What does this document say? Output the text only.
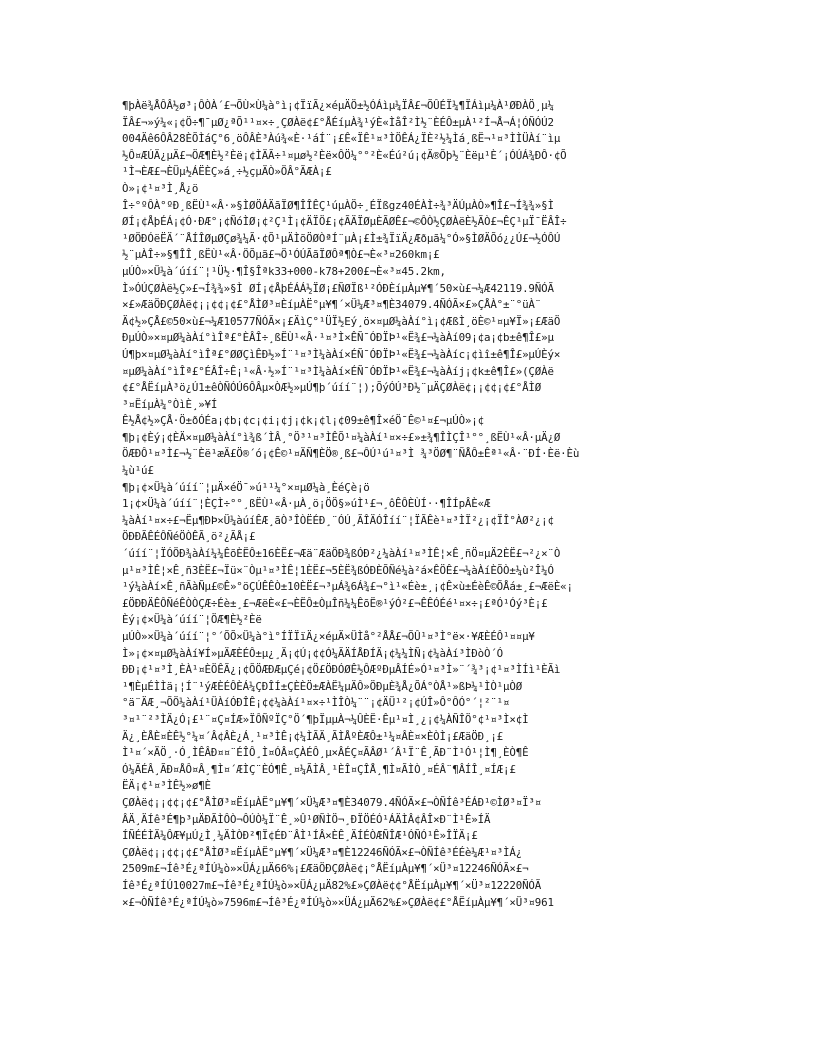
¶þÀë¾ÅÔÂ½ø³¡ÔÒÀ´£¬ÕÙ×Ù¼à°ì¡¢ÏïÃ¿×éµÄÖ±½ÓÁìµ¼ÏÂ£¬ÕÛÉÏ¼¶ÏÁìµ¼À¹ØÐÀÖ¸µ¼
ÏÂ£¬»ý¼«¡¢Ö÷¶¯µØ¿ªÕ¹¹¤×÷¸ÇØÀë¢£°ÅÉíµÀ¾¹ýÈ«ÌåÎ²Ì½¨ÈÉÔ±µÀ¹²Í¬Å¬Á¦ÓÑÓÚ2
004Äê6ÔÂ28ÈÕÌáÇ°6¸öÔÂÈ³Àú¾«È·¹áÍ¨¡£Ê«ÏÊ¹¤³ÌÖÊÁ¿ÏÈ²½¼Ìá¸ßË¬¹¤³ÌÌÜÀí¨ìµ
½Ô¤ÆÚÄ¿µÄ£¬ÖÆ¶È½²Èë¡¢ÌÄÃ÷¹¤µø½²Èë×ÔÖ¼°°²È«Éú²ú¡¢Ä®Õþ½¨Èëµ¹È´¡ÓÚÁ¾ÐÔ·¢Õ
¹Ì¬ÈÆ£¬ÈÜµ½ÁËÈÇ»á¸÷½çµÄÒ»ÖÂ°ÃÆÀ¡£
Ò»¡¢¹¤³Ì¸Å¿ö
Î÷°ºÔÀ°ºÐ¸ßËÙ¹«Â·»§ÌØÖÁÄãÏØ¶ÎÎÊÇ¹úµÀÖ÷¸ÉÏßgz40ÉÀÌ÷¾³ÄÚµÀÒ»¶Î£¬Í¾¾»§Ì
ØÍ¡¢ÅþÉÁ¡¢Ó·ÐÆ°¡¢ÑóÌØ¡¢²Ç¹Ì¡¢ÄÏÖ£¡¢ÃÄÏØµÈÃØÊ£¬©ÔÒ½ÇØÀëÈ½ÃÒ£¬ÊÇ¹µÏ¯ËÂÎ÷
¹ØÖÐÓëËÄ´¨ÅÍÎØµØÇø¾¼Ã·¢Õ¹µÄÌõÖØÒªÍ¨µÀ¡£Ì±¾ÏïÄ¿Æðµã¼°Ó»§ÌØÄÕó¿¿Ú£¬½ÓÔÚ
½¨µÀÎ÷»§¶ÎÎ¸ßËÙ¹«Â·ÖÕµã£¬Ö¹ÓÚÃãÏØÔª¶Ò£¬È«³¤260km¡£
µÚÒ»×Ü¼à´úíí¨¦¹Ü½·¶Î§Îªk33+000-k78+200£¬È«³¤45.2km,
Ì»ÓÚÇØÀë½Ç»£¬Í¾¾»§Ì ØÍ¡¢ÅþÉÁÁ½ÏØ¡£ÑØÏß¹²ÓÐÈíµÀµ¥¶´50×ù£¬¼Æ42119.9ÑÓÃ
×£»ÆäÖÐÇØÀë¢¡¡¢¢¡¢£°ÅÌØ³¤ÈíµÀË°µ¥¶´×Ü¼Æ³¤¶È34079.4ÑÓÃ×£»ÇÅÀ°±¨°üÀ¨
Ä¢½»ÇÅ£©50×ù£¬¼Æ10577ÑÓÃ×¡£ÄìÇ°¹ÜÏ½Eý¸ö×¤µØ¼àÀí°ì¡¢ÆßÌ¸öÈ©¹¤µ¥Ï»¡£ÆäÖ
ÐµÚÒ»×¤µØ¼àÀí°ìÎª£°ÈÂÎ÷¸ßËÙ¹«Â·¹¤³Ì×ÊÑ¯ÓÐÏÞ¹«Ë¾£¬¼àÀí09¡¢a¡¢b±ê¶Î£»µ
Ú¶þ×¤µØ¼àÀí°ìÎª£°ØØÇìÊÐ½»Í¨¹¤³Ì¼àÀí×ÉÑ¯ÓÐÏÞ¹«Ë¾£¬¼àÀíc¡¢ìî±ê¶Î£»µÚÈý×
¤µØ¼àÀí°ìÎª£°ÉÂÎ÷Ê¡¹«Â·½»Í¨¹¤³Ì¼àÀí×ÉÑ¯ÓÐÏÞ¹«Ë¾£¬¼àÀíj¡¢k±ê¶Î£»(ÇØÀë
¢£°ÅËíµÀ³ö¿Ú1±êÒÑÓÚ6ÔÂµ×ÒÆ½»µÚ¶þ´úíí¨¦);ÕýÓÚ³Ð½¨µÄÇØÀë¢¡¡¢¢¡¢£°ÅÌØ
³¤ËíµÀ¼°ÒìÈ¸»¥Í
Ê½Å¢½»ÇÅ·Ö±ðÓÉa¡¢b¡¢c¡¢i¡¢j¡¢k¡¢l¡¢09±ê¶Î×éÖ¯Ê©¹¤£¬µÚÒ»¡¢
¶þ¡¢Èý¡¢ÈÄ×¤µØ¼àÀí°ì¾ß´ÌÂ¸°Ö³¹¤³ÌÊÕ¹¤¼àÀí¹¤×÷£»±¾¶ÎÌÇÎ¹°°¸ßËÙ¹«Â·µÄ¿Ø
ÖÆÐÔ¹¤³Ì£¬½¨Èë¹æÄ£Ö®´ó¡¢Ê©¹¤ÄÑ¶ÈÖ®¸ß£¬ÔÚ¹ú¹¤³Ì ¾³ÖØ¶¨ÑÅÔ±Êª¹«Â·¨ÐÍ·Èë·Èù
¼ù¹ú£
¶þ¡¢×Ü¼à´úíí¨¦µÄ×éÖ¯»ú¹¹¼°×¤µØ¼à¸ÈéÇè¡ö
1¡¢×Ü¼à´úíí¨¦ÈÇÌ÷°°¸ßËÙ¹«Â·µÀ¸ö¡ÖÖ§»úÌ¹£¬¸ôÊÔÈÙÍ··¶ÎÍpÂÈ«Æ
¼àÀí¹¤×÷£¬Ëµ¶ÐÞ×Ü¼àúíÊÆ¸ãÒ³ÎÒËÉÐ¸¨ÓÚ¸ÃÎÄÓÎíí¨¦ÏÃÊè¹¤³ÌÏ²¿¡¢ÏÎ°ÀØ²¿¡¢
ÖÐÐÃÊÉÔÑéÖÒÊÃ¸ö²¿ÃÅ¡£
´úíí¨¦ÏÓÖÐ¾àÀí¼¼ÊõÈËÔ±16ÈË£¬Æä¨ÆäÖÐ¾ßÓÐ²¿¼àÀí¹¤³ÌÊ¦×Ê¸ñÖ¤µÄ2ÈË£¬²¿×¨Ò
µ¹¤³ÌÊ¦×Ê¸ñ3ÈË£¬Ïü×¨Òµ¹¤³ÌÊ¦1ÈË£¬5ÈË¾ßÓÐÈÕÑé¼à²á×ÊÖÊ£¬¼àÀíÈÕÒ±¼ù²Î¼Ó
¹ý¼àÀí×Ê¸ñÃàÑµ£©Ê»°öÇÚÊÊÒ±10ÈË£¬³µÁ¾6Á¾£¬°ì¹«Éè±¸¡¢Ê×ù±ÉèÊ©ÕÅá±¸£¬ÆëÈ«¡
£ÖÐÐÄÊÔÑéÊÒÒÇÆ÷Éè±¸£¬ÆëÈ«£¬ÈËÔ±ÒµÎñ¼¼ÊõË®¹ýÓ²£¬ÊÊÓÉé¹¤×÷¡£ªÓ¹Óý³È¡£
Èý¡¢×Ü¼à´úíí¨¦ÖÆ¶È½²Èë
µÚÒ»×Ü¼à´úíí¨¦°´ÕÕ×Ü¼à°ì°ÍÏÏïÄ¿×éµÄ×ÜÌå°²ÅÅ£¬ÕÛ¹¤³Ì°ë×·¥ÆÈÉÔ¹¤¤µ¥
Ì»¡¢×¤µØ¼àÀí¥Í»µÄÆÈÉÔ±µ¿¸Ä¡¢Ú¡¢¢Ó¼ÃÄÍÅÐÍÄ¡¢¼¼ÌÑ¡¢¼àÀí³ÌÐòÒ´Ó
ÐÐ¡¢¹¤³Ì¸ÈÀ¹¤ÈÖÊÃ¿¡¢ÕÖÆÐÆµÇé¡¢Ö£ÖÐÓØÊ½ÔÆºÐµÂÍÉ»Ó¹¤³Ì»¨´¾³¡¢¹¤³ÌÍì¹ÈÃì
¹¶ÈµÉÌÌä¡¦Í¨¹ýÆÈÉÔÈÁ¼ÇÐÎÍ±ÇÈÈÖ±ÆÀË¼µÄÔ»ÖÐµÈ¾Å¿ÕÁ°ÒÅ¹»ßÞ¼¹ÌÒ¹µÒØ
°ä¨ÄÆ¸¬ÕÖ¼àÀí¹ÜÀíÓÐÎÊ¡¢¢¼àÀí¹¤×÷¹ÌÎÒ¼¨¨¡¢ÄÜ¹²¡¢ÚÎ»Ô°ÔÓ°´¦²¨¹¤
³¤¹¨²³ÌÄ¿Ó¡£¹¨¤Ç¤ÍÆ»ÏÔÑºÏÇ°Ö´¶þÏµµÀ¬¼ÛÈË·Êµ¹¤Ì¸¿¡¢¼ÀÑÎÖ°¢¹¤³Ì×¢Ì
Ä¿¸ÈÅÈ¤ÈÊ½°¼¤´Â¢ÂÈ¿Á¸¹¤³ÌÊ¡¢¼ÌÃÄ¸ÃÌÅºÈÆÔ±¹¼¤ÂÈ¤×ÈÒÌ¡£ÆäÖÐ¸¡£
Ì¹¤´×ÄÖ¸·Ó¸ÌÊÂÐ¤¤¨ÉÎÔ¸Ì¤ÓÂ¤ÇÀÉÔ¸µ×ÂÉÇ¤ÃÂØ¹´Â¹Ï¨Ê¸ÃÐ¨Ì¹Ó¹¦Ì¶¸ÈÒ¶Ê
Ó¼ÃÉÂ¸ÃÐ¤ÅÔ¤Â¸¶Ì¤´ÆÌÇ¨ÈÓ¶Ê¸¤¼ÃÌÂ¸¹ÈÎ¤ÇÎÅ¸¶Ì¤ÃÌÒ¸¤ÉÂ¨¶ÂÍÎ¸¤ÍÆ¡£
ËÄ¡¢¹¤³ÌÊ½»ø¶È
ÇØÀë¢¡¡¢¢¡¢£°ÅÌØ³¤ËíµÀË°µ¥¶´×Ü¼Æ³¤¶È34079.4ÑÓÃ×£¬ÒÑÍê³ÉÁÐ¹©ÌØ³¤Ï³¤
ÂÄ¸ÄÍê³É¶þ³µÄÐÃÌÔÒ¬ÔÚÒ¼Ï¨Ê¸»Û¹ØÑÌÖ¬¸ÐÏÖÉÓ¹ÁÄÌÂ¢ÂÎ×Ð¨Ì¹Ê»ÍÄ
ÍÑÉÉÌÄ¼ÔÆ¥µÚ¿Ì¸¼ÄÌÒÐ²¶Ï¢ÉÐ¨ÂÌ¹ÍÂ×ÈÊ¸ÄÍÉÒÆÑÎÆ¹ÓÑÓ¹Ê»ÎÏÄ¡£
ÇØÀë¢¡¡¢¢¡¢£°ÅÌØ³¤ËíµÀË°µ¥¶´×Ü¼Æ³¤¶È12246ÑÓÃ×£¬ÒÑÍê³ÉÉè¼Æ¹¤³ÌÁ¿
2509m£¬Íê³É¿ªÍÚ¼ò»×ÜÁ¿µÄ66%¡£ÆäÖÐÇØÀë¢¡°ÅËíµÀµ¥¶´×Ü³¤12246ÑÓÃ×£¬
Íê³É¿ªÍÚ10027m£¬Íê³É¿ªÍÚ¼ò»×ÜÁ¿µÄ82%£»ÇØÀë¢¢°ÅËíµÀµ¥¶´×Ü³¤12220ÑÓÃ
×£¬ÒÑÍê³É¿ªÍÚ¼ò»7596m£¬Íê³É¿ªÍÚ¼ò»×ÜÁ¿µÄ62%£»ÇØÀë¢£°ÅËíµÀµ¥¶´×Ü³¤961
